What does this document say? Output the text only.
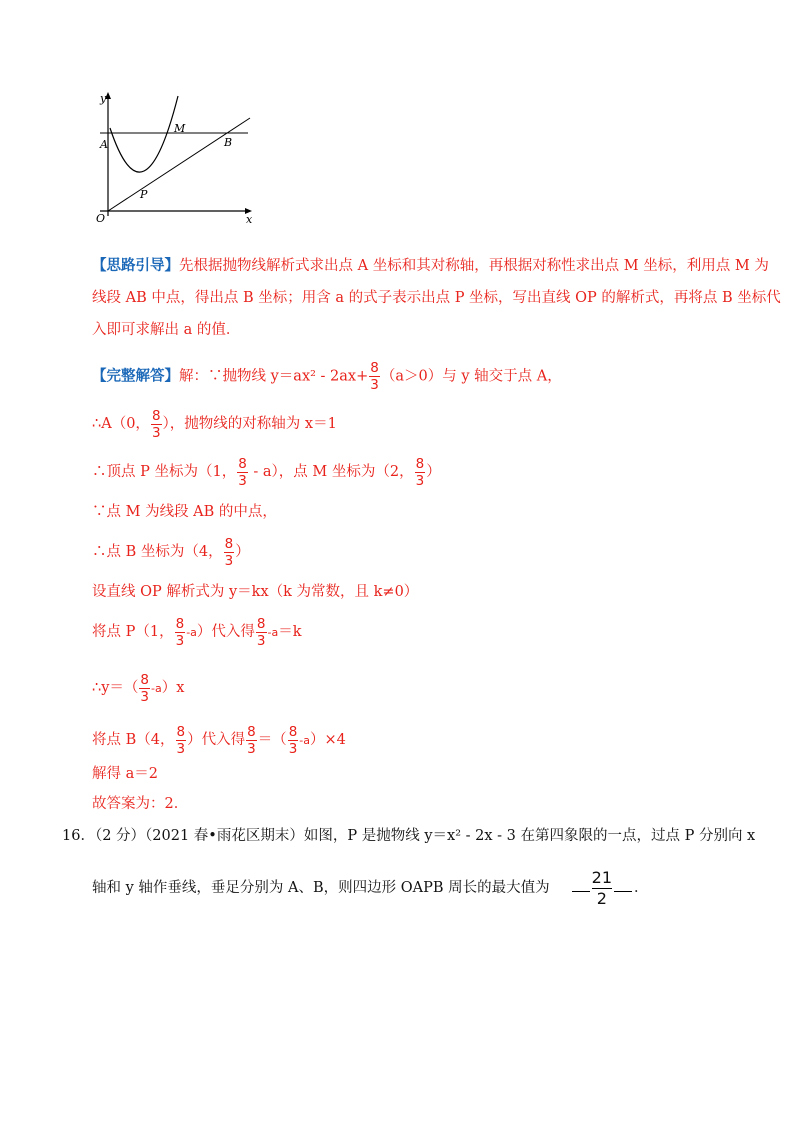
y
x
A
M
B
P
O
【思路引导】先根据抛物线解析式求出点 A 坐标和其对称轴，再根据对称性求出点 M 坐标，利用点 M 为
线段 AB 中点，得出点 B 坐标；用含 a 的式子表示出点 P 坐标，写出直线 OP 的解析式，再将点 B 坐标代
入即可求解出 a 的值．
【完整解答】解：∵抛物线 $y=ax^2 - 2ax+ \frac{8}{3} (a>0)$与 y 轴交于点 A，
∴A（0， $\frac{8}{3}$ ），抛物线的对称轴为 x＝1
∴顶点 P 坐标为（1， $\frac{8}{3} - a$），点 M 坐标为（2， $\frac{8}{3}$ ）
∵点 M 为线段 AB 的中点，
∴点 B 坐标为（4， $\frac{8}{3}$ ）
设直线 OP 解析式为 y＝kx（k 为常数，且 k≠0）
将点 P（1， $\frac{8}{3} -a$）代入得 $\frac{8}{3} -a=k$
∴y＝（ $\frac{8}{3} -a)x$
将点 B（4， $\frac{8}{3}$ ）代入得 $\frac{8}{3}$ ＝（ $\frac{8}{3} -a)\times 4$
解得 a＝2
故答案为：2．
16．（2 分）（2021 春•雨花区期末）如图，P 是抛物线 y＝x² - 2x - 3 在第四象限的一点，过点 P 分别向 x
轴和 y 轴作垂线，垂足分别为 A、B，则四边形 OAPB 周长的最大值为	$\frac{21}{2}$ ．
